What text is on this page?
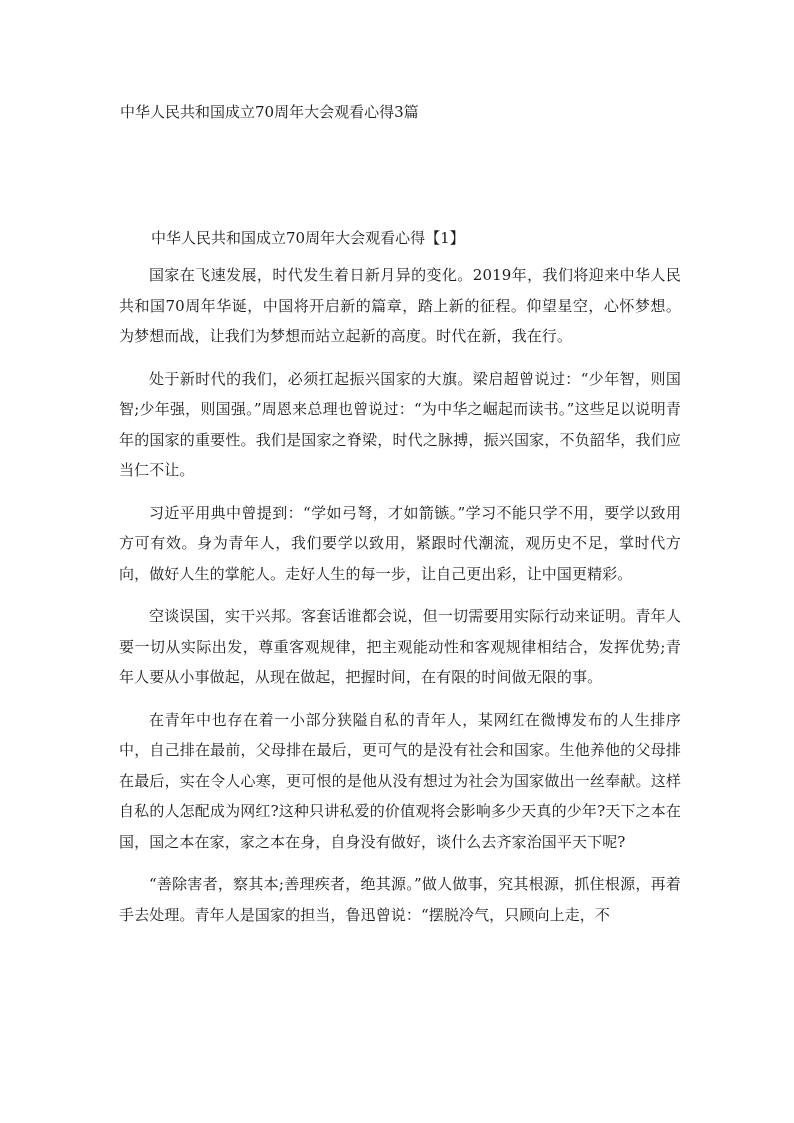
中华人民共和国成立70周年大会观看心得3篇
中华人民共和国成立70周年大会观看心得【1】

国家在飞速发展，时代发生着日新月异的变化。2019年，我们将迎来中华人民共和国70周年华诞，中国将开启新的篇章，踏上新的征程。仰望星空，心怀梦想。为梦想而战，让我们为梦想而站立起新的高度。时代在新，我在行。

处于新时代的我们，必须扛起振兴国家的大旗。梁启超曾说过：“少年智，则国智;少年强，则国强。”周恩来总理也曾说过：“为中华之崛起而读书。”这些足以说明青年的国家的重要性。我们是国家之脊梁，时代之脉搏，振兴国家，不负韶华，我们应当仁不让。

习近平用典中曾提到：“学如弓弩，才如箭镞。”学习不能只学不用，要学以致用方可有效。身为青年人，我们要学以致用，紧跟时代潮流，观历史不足，掌时代方向，做好人生的掌舵人。走好人生的每一步，让自己更出彩，让中国更精彩。

空谈误国，实干兴邦。客套话谁都会说，但一切需要用实际行动来证明。青年人要一切从实际出发，尊重客观规律，把主观能动性和客观规律相结合，发挥优势;青年人要从小事做起，从现在做起，把握时间，在有限的时间做无限的事。

在青年中也存在着一小部分狭隘自私的青年人，某网红在微博发布的人生排序中，自己排在最前，父母排在最后，更可气的是没有社会和国家。生他养他的父母排在最后，实在令人心寒，更可恨的是他从没有想过为社会为国家做出一丝奉献。这样自私的人怎配成为网红?这种只讲私爱的价值观将会影响多少天真的少年?天下之本在国，国之本在家，家之本在身，自身没有做好，谈什么去齐家治国平天下呢?

“善除害者，察其本;善理疾者，绝其源。”做人做事，究其根源，抓住根源，再着手去处理。青年人是国家的担当，鲁迅曾说：“摆脱冷气，只顾向上走，不
